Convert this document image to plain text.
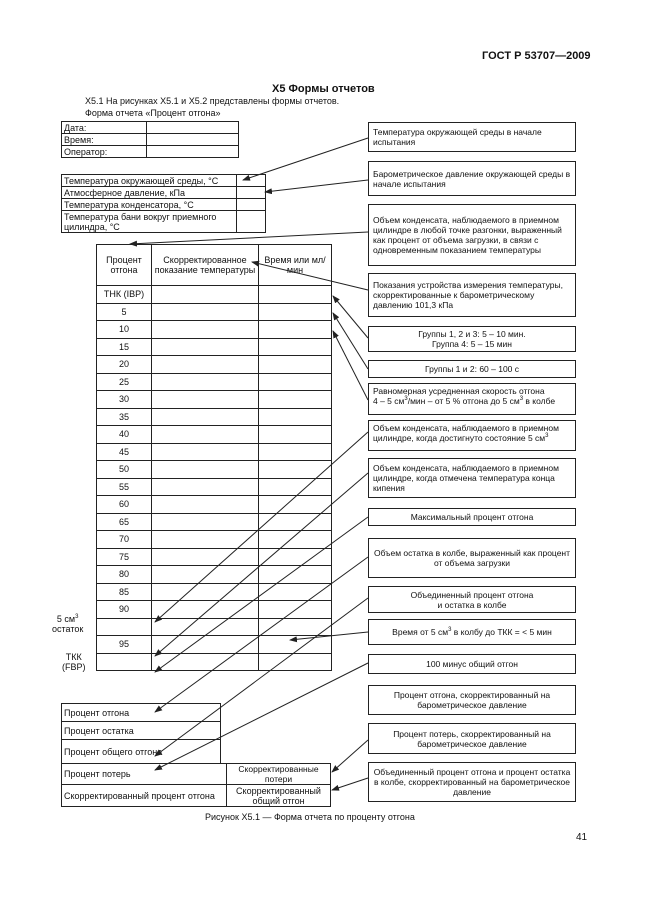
ГОСТ Р 53707—2009
Х5 Формы отчетов
Х5.1 На рисунках Х5.1 и Х5.2 представлены формы отчетов.
Форма отчета «Процент отгона»
Дата:	
Время:	
Оператор:	
Температура окружающей среды, °С	
Атмосферное давление, кПа	
Температура конденсатора, °С	
Температура бани вокруг приемного цилиндра, °С	
Процент отгона	Скорректированное показание температуры	Время или мл/мин
ТНК (IBP)		
5		
10		
15		
20		
25		
30		
35		
40		
45		
50		
55		
60		
65		
70		
75		
80		
85		
90		

95		

5 $см^3$
остаток
ТКК
(FBP)
Процент отгона
Процент остатка
Процент общего отгона
Процент потерь	Скорректированные потери
Скорректированный процент отгона	Скорректированный общий отгон
Температура окружающей среды в начале испытания
Барометрическое давление окружающей среды в начале испытания
Объем конденсата, наблюдаемого в приемном цилиндре в любой точке разгонки, выраженный как процент от объема загрузки, в связи с одновременным показанием температуры
Показания устройства измерения температуры, скорректированные к барометрическому давлению 101,3 кПа
Группы 1, 2 и 3: 5 – 10 мин.
Группа 4: 5 – 15 мин
Группы 1 и 2: 60 – 100 с
Равномерная усредненная скорость отгона
4 – 5 $см^3$/мин – от 5 % отгона до 5 $см^3$ в колбе
Объем конденсата, наблюдаемого в приемном цилиндре, когда достигнуто состояние 5 $см^3$
Объем конденсата, наблюдаемого в приемном цилиндре, когда отмечена температура конца кипения
Максимальный процент отгона
Объем остатка в колбе, выраженный как процент от объема загрузки
Объединенный процент отгона
и остатка в колбе
Время от 5 $см^3$ в колбу до ТКК = < 5 мин
100 минус общий отгон
Процент отгона, скорректированный на барометрическое давление
Процент потерь, скорректированный на барометрическое давление
Объединенный процент отгона и процент остатка в колбе, скорректированный на барометрическое давление
Рисунок Х5.1 — Форма отчета по проценту отгона
41
